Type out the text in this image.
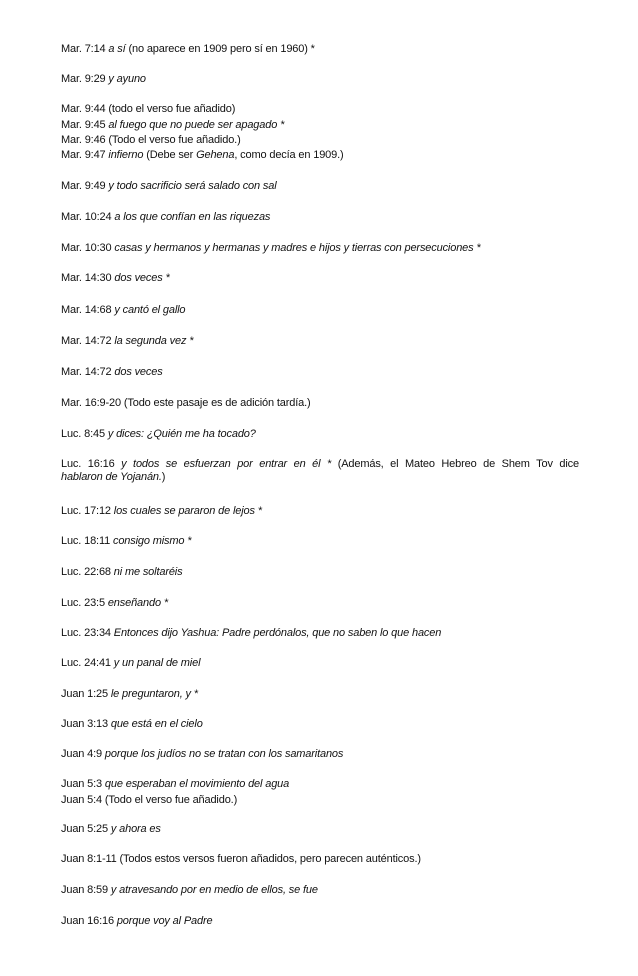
Mar. 7:14 a sí (no aparece en 1909 pero sí en 1960) *
Mar. 9:29 y ayuno
Mar. 9:44 (todo el verso fue añadido)
Mar. 9:45 al fuego que no puede ser apagado *
Mar. 9:46 (Todo el verso fue añadido.)
Mar. 9:47 infierno (Debe ser Gehena, como decía en 1909.)
Mar. 9:49 y todo sacrificio será salado con sal
Mar. 10:24 a los que confían en las riquezas
Mar. 10:30 casas y hermanos y hermanas y madres e hijos y tierras con persecuciones *
Mar. 14:30 dos veces *
Mar. 14:68 y cantó el gallo
Mar. 14:72 la segunda vez *
Mar. 14:72 dos veces
Mar. 16:9-20 (Todo este pasaje es de adición tardía.)
Luc. 8:45 y dices: ¿Quién me ha tocado?
Luc. 16:16 y todos se esfuerzan por entrar en él * (Además, el Mateo Hebreo de Shem Tov dice
hablaron de Yojanán.)
Luc. 17:12 los cuales se pararon de lejos *
Luc. 18:11 consigo mismo *
Luc. 22:68 ni me soltaréis
Luc. 23:5 enseñando *
Luc. 23:34 Entonces dijo Yashua: Padre perdónalos, que no saben lo que hacen
Luc. 24:41 y un panal de miel
Juan 1:25 le preguntaron, y *
Juan 3:13 que está en el cielo
Juan 4:9 porque los judíos no se tratan con los samaritanos
Juan 5:3 que esperaban el movimiento del agua
Juan 5:4 (Todo el verso fue añadido.)
Juan 5:25 y ahora es
Juan 8:1-11 (Todos estos versos fueron añadidos, pero parecen auténticos.)
Juan 8:59 y atravesando por en medio de ellos, se fue
Juan 16:16 porque voy al Padre
